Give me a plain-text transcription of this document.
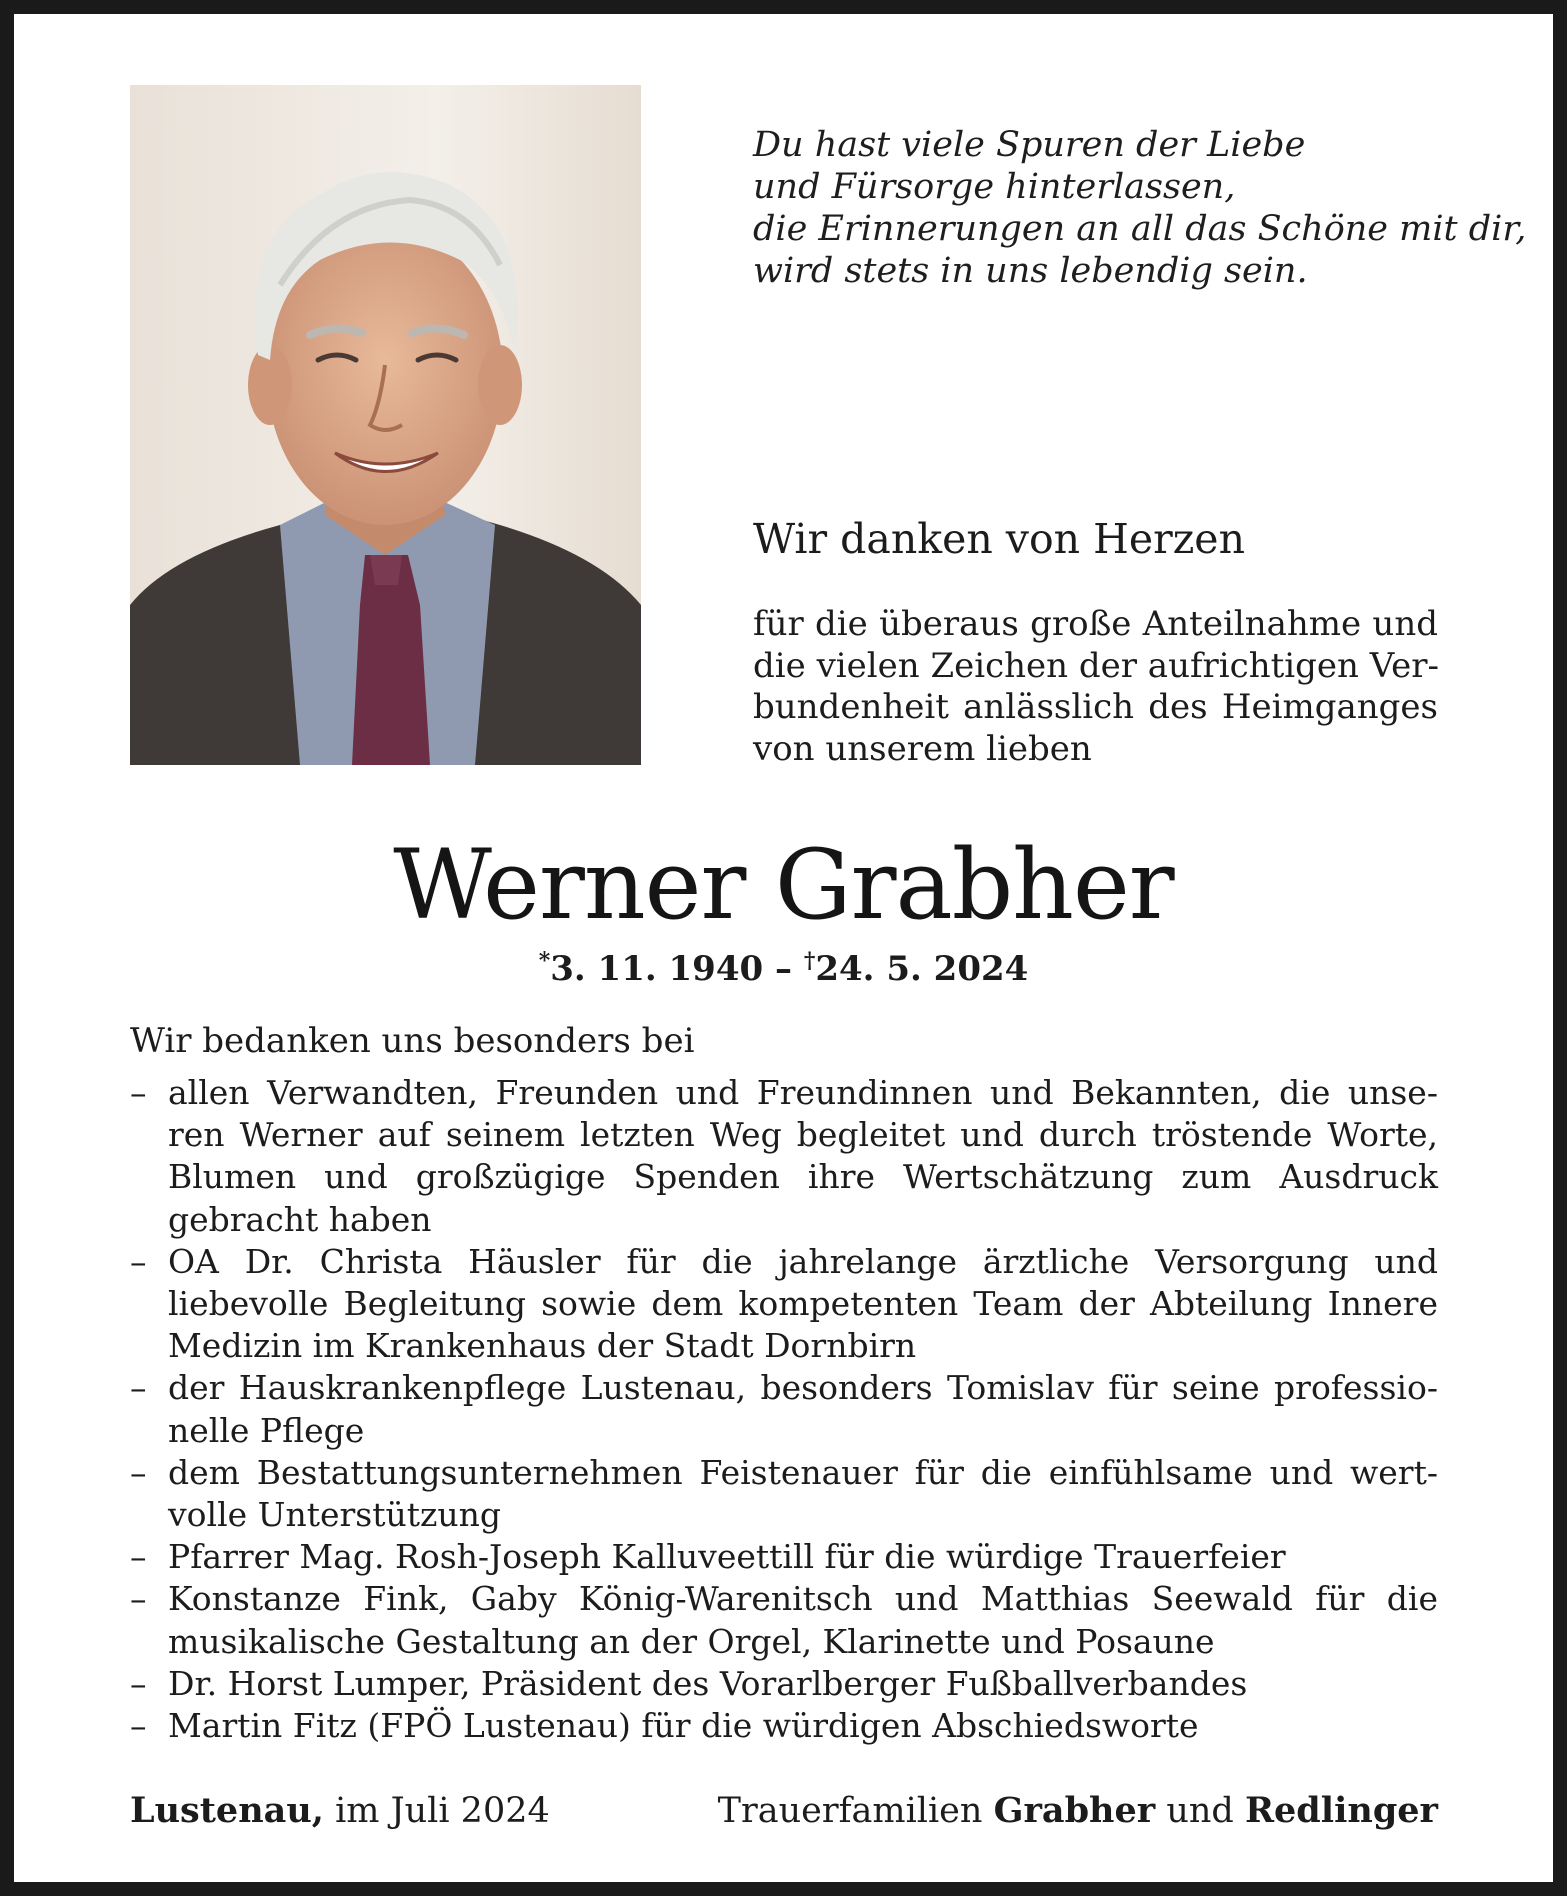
Du hast viele Spuren der Liebe
und Fürsorge hinterlassen,
die Erinnerungen an all das Schöne mit dir,
wird stets in uns lebendig sein.
Wir danken von Herzen
für die überaus große Anteilnahme und
die vielen Zeichen der aufrichtigen Ver-
bundenheit anlässlich des Heimganges
von unserem lieben
Werner Grabher
*3. 11. 1940 – †24. 5. 2024
Wir bedanken uns besonders bei
– allen Verwandten, Freunden und Freundinnen und Bekannten, die unse-ren Werner auf seinem letzten Weg begleitet und durch tröstende Worte, Blumen und großzügige Spenden ihre Wertschätzung zum Ausdruck gebracht haben
– OA Dr. Christa Häusler für die jahrelange ärztliche Versorgung und liebevolle Begleitung sowie dem kompetenten Team der Abteilung Innere Medizin im Krankenhaus der Stadt Dornbirn
– der Hauskrankenpflege Lustenau, besonders Tomislav für seine professio-nelle Pflege
– dem Bestattungsunternehmen Feistenauer für die einfühlsame und wert-volle Unterstützung
– Pfarrer Mag. Rosh-Joseph Kalluveettill für die würdige Trauerfeier
– Konstanze Fink, Gaby König-Warenitsch und Matthias Seewald für die musikalische Gestaltung an der Orgel, Klarinette und Posaune
– Dr. Horst Lumper, Präsident des Vorarlberger Fußballverbandes
– Martin Fitz (FPÖ Lustenau) für die würdigen Abschiedsworte
Lustenau, im Juli 2024	Trauerfamilien Grabher und Redlinger
